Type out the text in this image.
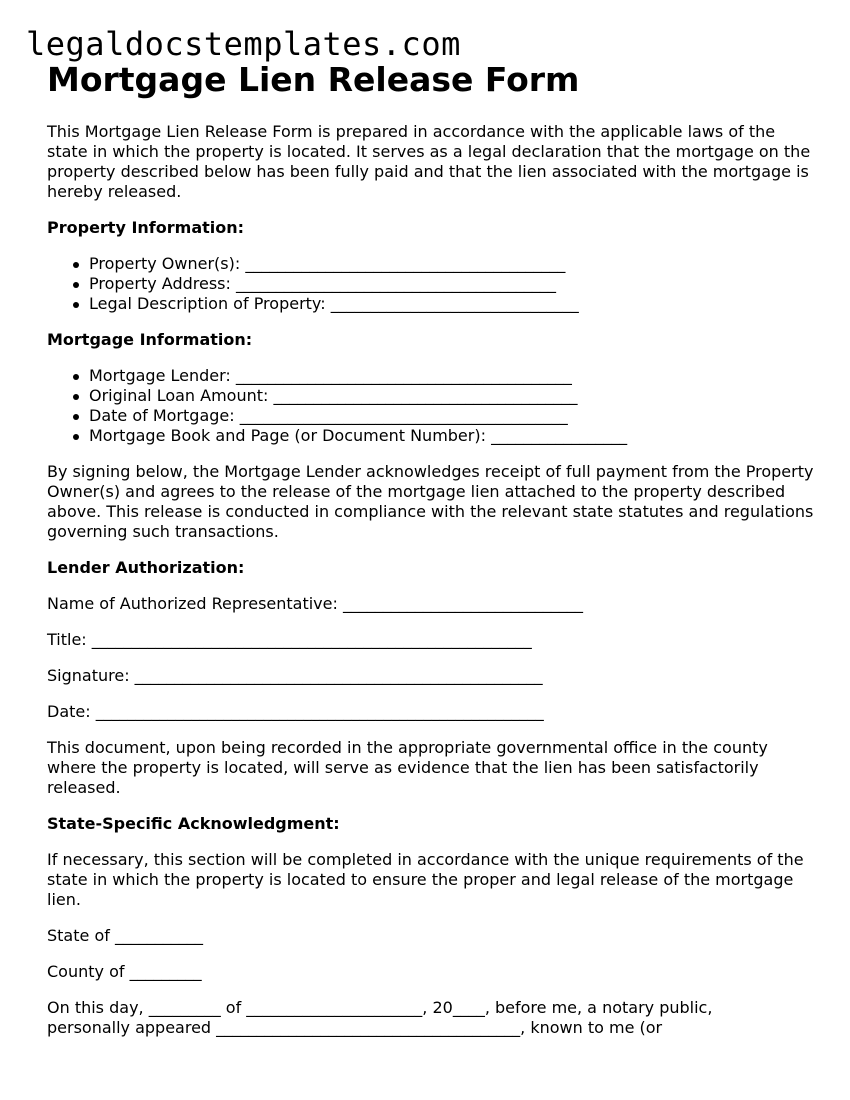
legaldocstemplates.com
Mortgage Lien Release Form

This Mortgage Lien Release Form is prepared in accordance with the applicable laws of the state in which the property is located. It serves as a legal declaration that the mortgage on the property described below has been fully paid and that the lien associated with the mortgage is hereby released.

Property Information:

Property Owner(s): ________________________________________
Property Address: ________________________________________
Legal Description of Property: _______________________________

Mortgage Information:

Mortgage Lender: __________________________________________
Original Loan Amount: ______________________________________
Date of Mortgage: _________________________________________
Mortgage Book and Page (or Document Number): _________________

By signing below, the Mortgage Lender acknowledges receipt of full payment from the Property Owner(s) and agrees to the release of the mortgage lien attached to the property described above. This release is conducted in compliance with the relevant state statutes and regulations governing such transactions.

Lender Authorization:

Name of Authorized Representative: ______________________________

Title: _______________________________________________________

Signature: ___________________________________________________

Date: ________________________________________________________

This document, upon being recorded in the appropriate governmental office in the county where the property is located, will serve as evidence that the lien has been satisfactorily released.

State-Specific Acknowledgment:

If necessary, this section will be completed in accordance with the unique requirements of the state in which the property is located to ensure the proper and legal release of the mortgage lien.

State of ___________

County of _________

On this day, _________ of ______________________, 20____, before me, a notary public,

personally appeared ______________________________________, known to me (or
